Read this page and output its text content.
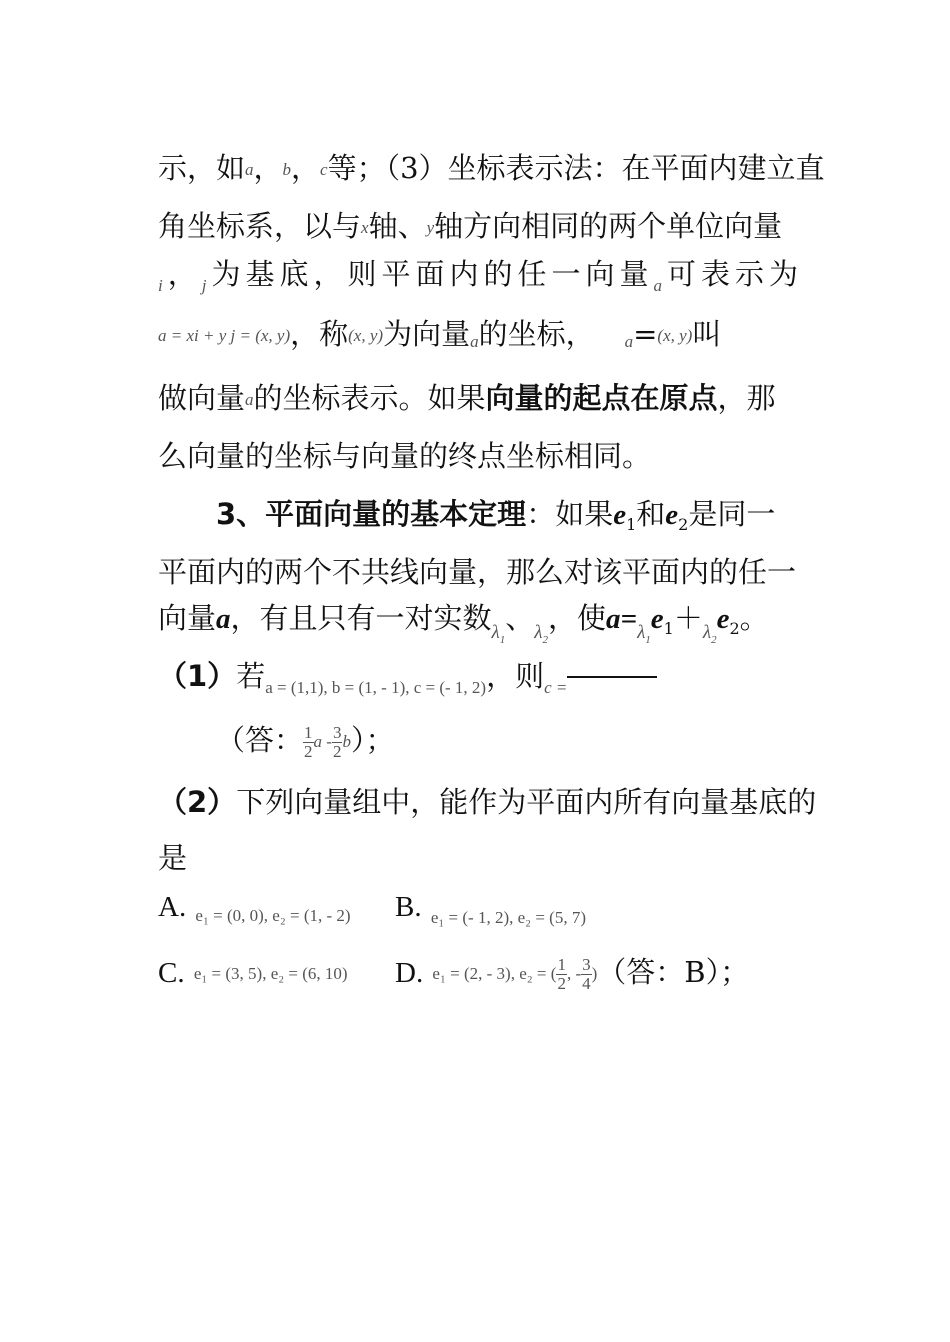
示，如a，b，c等；（3）坐标表示法：在平面内建立直
角坐标系，以与x轴、y轴方向相同的两个单位向量
$_i$，$_j$为基底，则平面内的任一向量$_a$可表示为
a = xi + y j = (x, y)，称(x, y)为向量$_a$的坐标， $_a$=(x, y)叫
做向量a的坐标表示。如果向量的起点在原点，那
么向量的坐标与向量的终点坐标相同。
3、平面向量的基本定理：如果$e_1$和$e_2$是同一
平面内的两个不共线向量，那么对该平面内的任一
向量a，有且只有一对实数$_{\lambda_1}$、$_{\lambda_2}$，使$a=_{\lambda_1}e_1+_{\lambda_2}e_2$。
（1）若$_{a = (1,1), b = (1, - 1), c = (- 1, 2)}$，则$_{c =}$
（答： $\frac{1}{2}$ a - $\frac{3}{2} b$）；
（2）下列向量组中，能作为平面内所有向量基底的
是
A. $_{e_1 = (0, 0), e_2 = (1, - 2)}$ B. $_{e_1 = (- 1, 2), e_2 = (5, 7)}$
C. e₁ = (3, 5), e₂ = (6, 10) D. e₁ = (2, - 3), e₂ = ( $\frac{1}{2}$ , - $\frac{3}{4}$ )（答：B）；
